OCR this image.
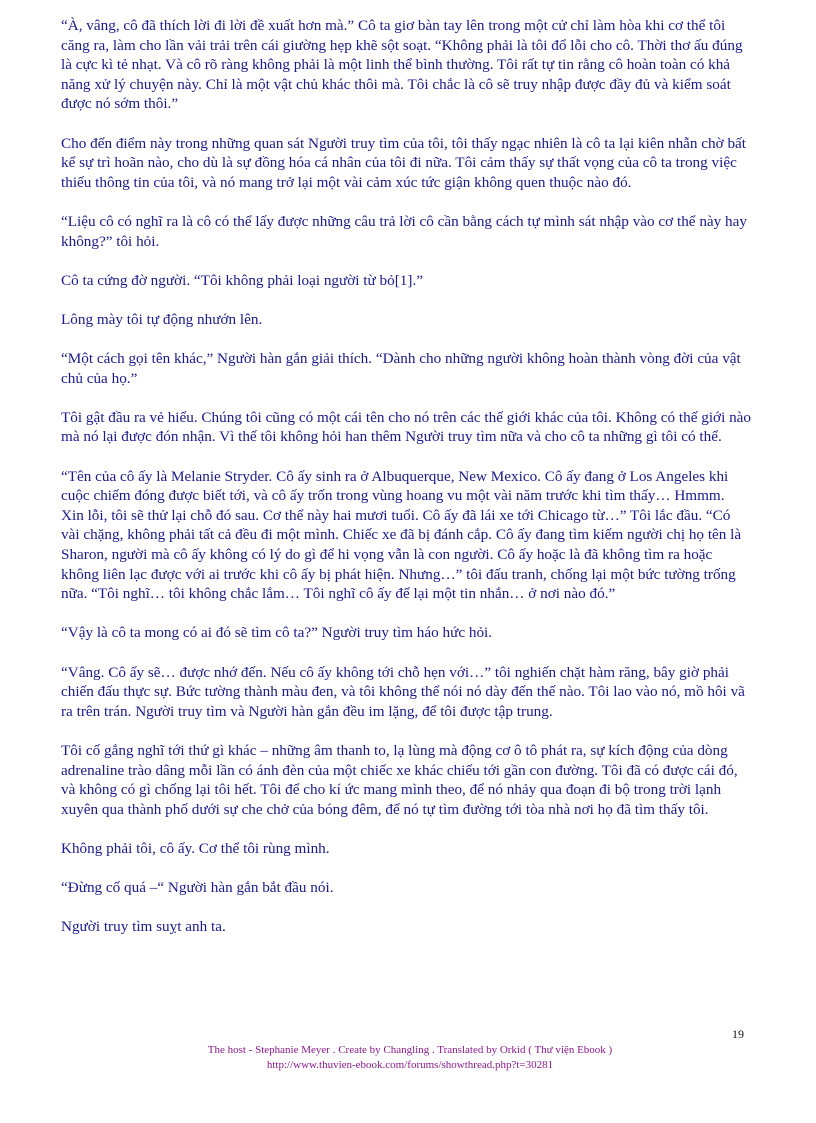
“À, vâng, cô đã thích lời đi lời đề xuất hơn mà.” Cô ta giơ bàn tay lên trong một cử chỉ làm hòa khi cơ thể tôi căng ra, làm cho lần vải trải trên cái giường hẹp khẽ sột soạt. “Không phải là tôi đổ lỗi cho cô. Thời thơ ấu đúng là cực kì tẻ nhạt. Và cô rõ ràng không phải là một linh thể bình thường. Tôi rất tự tin rằng cô hoàn toàn có khả năng xử lý chuyện này. Chỉ là một vật chủ khác thôi mà. Tôi chắc là cô sẽ truy nhập được đầy đủ và kiểm soát được nó sớm thôi.”

Cho đến điểm này trong những quan sát Người truy tìm của tôi, tôi thấy ngạc nhiên là cô ta lại kiên nhẫn chờ bất kể sự trì hoãn nào, cho dù là sự đồng hóa cá nhân của tôi đi nữa. Tôi cảm thấy sự thất vọng của cô ta trong việc thiếu thông tin của tôi, và nó mang trở lại một vài cảm xúc tức giận không quen thuộc nào đó.

“Liệu cô có nghĩ ra là cô có thể lấy được những câu trả lời cô cần bằng cách tự mình sát nhập vào cơ thể này hay không?” tôi hỏi.

Cô ta cứng đờ người. “Tôi không phải loại người từ bỏ[1].”

Lông mày tôi tự động nhướn lên.

“Một cách gọi tên khác,” Người hàn gắn giải thích. “Dành cho những người không hoàn thành vòng đời của vật chủ của họ.”

Tôi gật đầu ra vẻ hiểu. Chúng tôi cũng có một cái tên cho nó trên các thế giới khác của tôi. Không có thế giới nào mà nó lại được đón nhận. Vì thế tôi không hỏi han thêm Người truy tìm nữa và cho cô ta những gì tôi có thể.

“Tên của cô ấy là Melanie Stryder. Cô ấy sinh ra ở Albuquerque, New Mexico. Cô ấy đang ở Los Angeles khi cuộc chiếm đóng được biết tới, và cô ấy trốn trong vùng hoang vu một vài năm trước khi tìm thấy… Hmmm. Xin lỗi, tôi sẽ thử lại chỗ đó sau. Cơ thể này hai mươi tuổi. Cô ấy đã lái xe tới Chicago từ…” Tôi lắc đầu. “Có vài chặng, không phải tất cả đều đi một mình. Chiếc xe đã bị đánh cắp. Cô ấy đang tìm kiếm người chị họ tên là Sharon, người mà cô ấy không có lý do gì để hi vọng vẫn là con người. Cô ấy hoặc là đã không tìm ra hoặc không liên lạc được với ai trước khi cô ấy bị phát hiện. Nhưng…” tôi đấu tranh, chống lại một bức tường trống nữa. “Tôi nghĩ… tôi không chắc lắm… Tôi nghĩ cô ấy để lại một tin nhắn… ở nơi nào đó.”

“Vậy là cô ta mong có ai đó sẽ tìm cô ta?” Người truy tìm háo hức hỏi.

“Vâng. Cô ấy sẽ… được nhớ đến. Nếu cô ấy không tới chỗ hẹn với…” tôi nghiến chặt hàm răng, bây giờ phải chiến đấu thực sự. Bức tường thành màu đen, và tôi không thể nói nó dày đến thế nào. Tôi lao vào nó, mồ hôi vã ra trên trán. Người truy tìm và Người hàn gắn đều im lặng, để tôi được tập trung.

Tôi cố gắng nghĩ tới thứ gì khác – những âm thanh to, lạ lùng mà động cơ ô tô phát ra, sự kích động của dòng adrenaline trào dâng mỗi lần có ánh đèn của một chiếc xe khác chiếu tới gần con đường. Tôi đã có được cái đó, và không có gì chống lại tôi hết. Tôi để cho kí ức mang mình theo, để nó nhảy qua đoạn đi bộ trong trời lạnh xuyên qua thành phố dưới sự che chở của bóng đêm, để nó tự tìm đường tới tòa nhà nơi họ đã tìm thấy tôi.

Không phải tôi, cô ấy. Cơ thể tôi rùng mình.

“Đừng cố quá –“ Người hàn gắn bắt đầu nói.

Người truy tìm suỵt anh ta.

19
The host - Stephanie Meyer . Create by Changling . Translated by Orkid ( Thư viện Ebook )
http://www.thuvien-ebook.com/forums/showthread.php?t=30281
